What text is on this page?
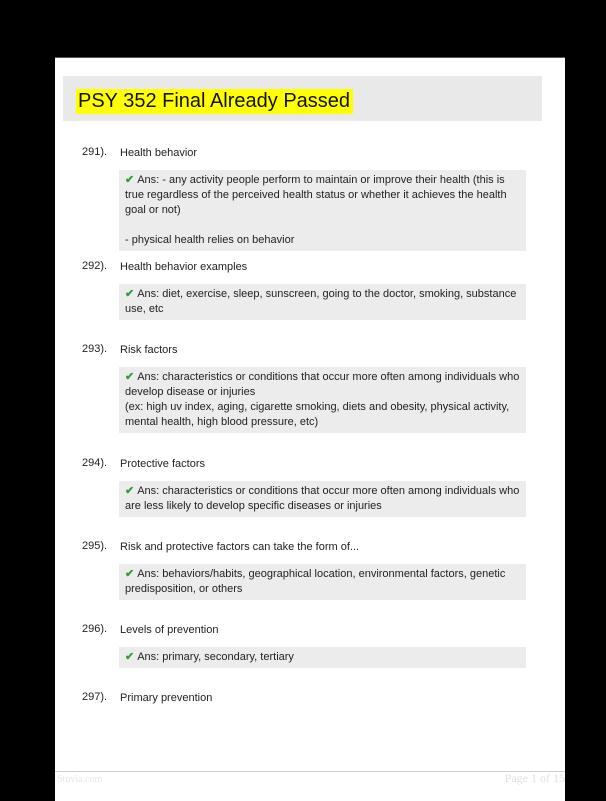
PSY 352 Final Already Passed
291). Health behavior
✔ Ans: - any activity people perform to maintain or improve their health (this is true regardless of the perceived health status or whether it achieves the health goal or not)
- physical health relies on behavior
292). Health behavior examples
✔ Ans: diet, exercise, sleep, sunscreen, going to the doctor, smoking, substance use, etc
293). Risk factors
✔ Ans: characteristics or conditions that occur more often among individuals who develop disease or injuries
(ex: high uv index, aging, cigarette smoking, diets and obesity, physical activity, mental health, high blood pressure, etc)
294). Protective factors
✔ Ans: characteristics or conditions that occur more often among individuals who are less likely to develop specific diseases or injuries
295). Risk and protective factors can take the form of...
✔ Ans: behaviors/habits, geographical location, environmental factors, genetic predisposition, or others
296). Levels of prevention
✔ Ans: primary, secondary, tertiary
297). Primary prevention
Stuvia.com	Page 1 of 15
